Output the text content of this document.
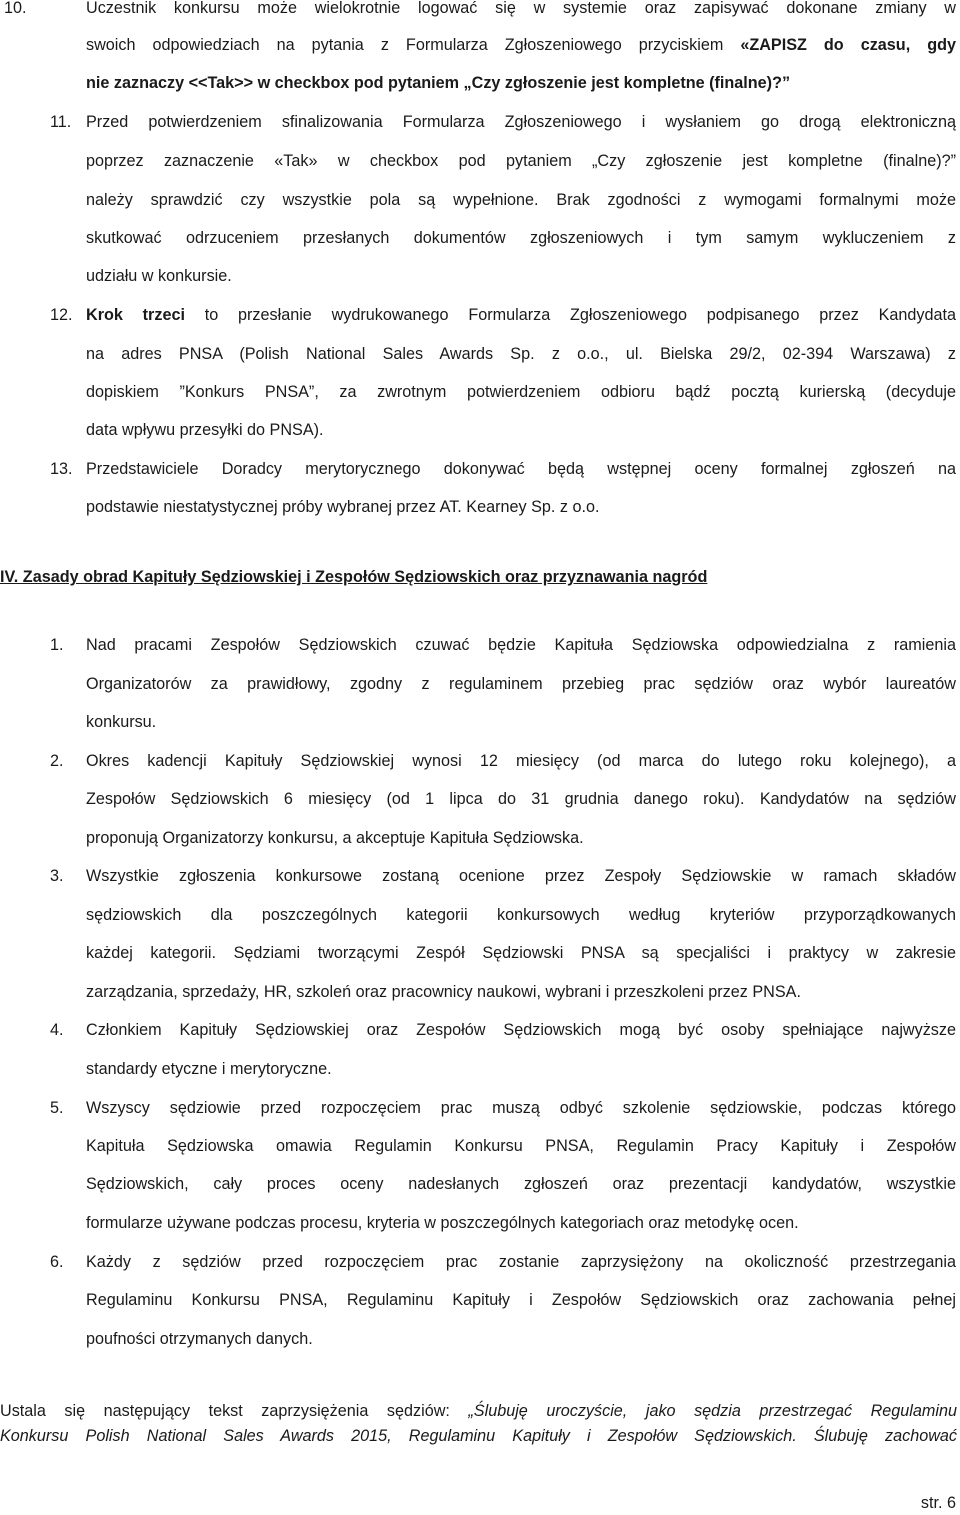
10.	Uczestnik konkursu może wielokrotnie logować się w systemie oraz zapisywać dokonane zmiany w
swoich odpowiedziach na pytania z Formularza Zgłoszeniowego przyciskiem «ZAPISZ do czasu, gdy
nie zaznaczy <<Tak>> w checkbox pod pytaniem „Czy zgłoszenie jest kompletne (finalne)?”
11. Przed potwierdzeniem sfinalizowania Formularza Zgłoszeniowego i wysłaniem go drogą elektroniczną
poprzez zaznaczenie «Tak» w checkbox pod pytaniem „Czy zgłoszenie jest kompletne (finalne)?”
należy sprawdzić czy wszystkie pola są wypełnione. Brak zgodności z wymogami formalnymi może
skutkować odrzuceniem przesłanych dokumentów zgłoszeniowych i tym samym wykluczeniem z
udziału w konkursie.
12. Krok trzeci to przesłanie wydrukowanego Formularza Zgłoszeniowego podpisanego przez Kandydata
na adres PNSA (Polish National Sales Awards Sp. z o.o., ul. Bielska 29/2, 02-394 Warszawa) z
dopiskiem ”Konkurs PNSA”, za zwrotnym potwierdzeniem odbioru bądź pocztą kurierską (decyduje
data wpływu przesyłki do PNSA).
13. Przedstawiciele Doradcy merytorycznego dokonywać będą wstępnej oceny formalnej zgłoszeń na
podstawie niestatystycznej próby wybranej przez AT. Kearney Sp. z o.o.
IV. Zasady obrad Kapituły Sędziowskiej i Zespołów Sędziowskich oraz przyznawania nagród
1.	Nad pracami Zespołów Sędziowskich czuwać będzie Kapituła Sędziowska odpowiedzialna z ramienia
Organizatorów za prawidłowy, zgodny z regulaminem przebieg prac sędziów oraz wybór laureatów
konkursu.
2.	Okres kadencji Kapituły Sędziowskiej wynosi 12 miesięcy (od marca do lutego roku kolejnego), a
Zespołów Sędziowskich 6 miesięcy (od 1 lipca do 31 grudnia danego roku). Kandydatów na sędziów
proponują Organizatorzy konkursu, a akceptuje Kapituła Sędziowska.
3.	Wszystkie zgłoszenia konkursowe zostaną ocenione przez Zespoły Sędziowskie w ramach składów
sędziowskich dla poszczególnych kategorii konkursowych według kryteriów przyporządkowanych
każdej kategorii. Sędziami tworzącymi Zespół Sędziowski PNSA są specjaliści i praktycy w zakresie
zarządzania, sprzedaży, HR, szkoleń oraz pracownicy naukowi, wybrani i przeszkoleni przez PNSA.
4.	Członkiem Kapituły Sędziowskiej oraz Zespołów Sędziowskich mogą być osoby spełniające najwyższe
standardy etyczne i merytoryczne.
5.	Wszyscy sędziowie przed rozpoczęciem prac muszą odbyć szkolenie sędziowskie, podczas którego
Kapituła Sędziowska omawia Regulamin Konkursu PNSA, Regulamin Pracy Kapituły i Zespołów
Sędziowskich, cały proces oceny nadesłanych zgłoszeń oraz prezentacji kandydatów, wszystkie
formularze używane podczas procesu, kryteria w poszczególnych kategoriach oraz metodykę ocen.
6.	Każdy z sędziów przed rozpoczęciem prac zostanie zaprzysiężony na okoliczność przestrzegania
Regulaminu Konkursu PNSA, Regulaminu Kapituły i Zespołów Sędziowskich oraz zachowania pełnej
poufności otrzymanych danych.
Ustala się następujący tekst zaprzysiężenia sędziów: „Ślubuję uroczyście, jako sędzia przestrzegać Regulaminu
Konkursu Polish National Sales Awards 2015, Regulaminu Kapituły i Zespołów Sędziowskich. Ślubuję zachować
str. 6
